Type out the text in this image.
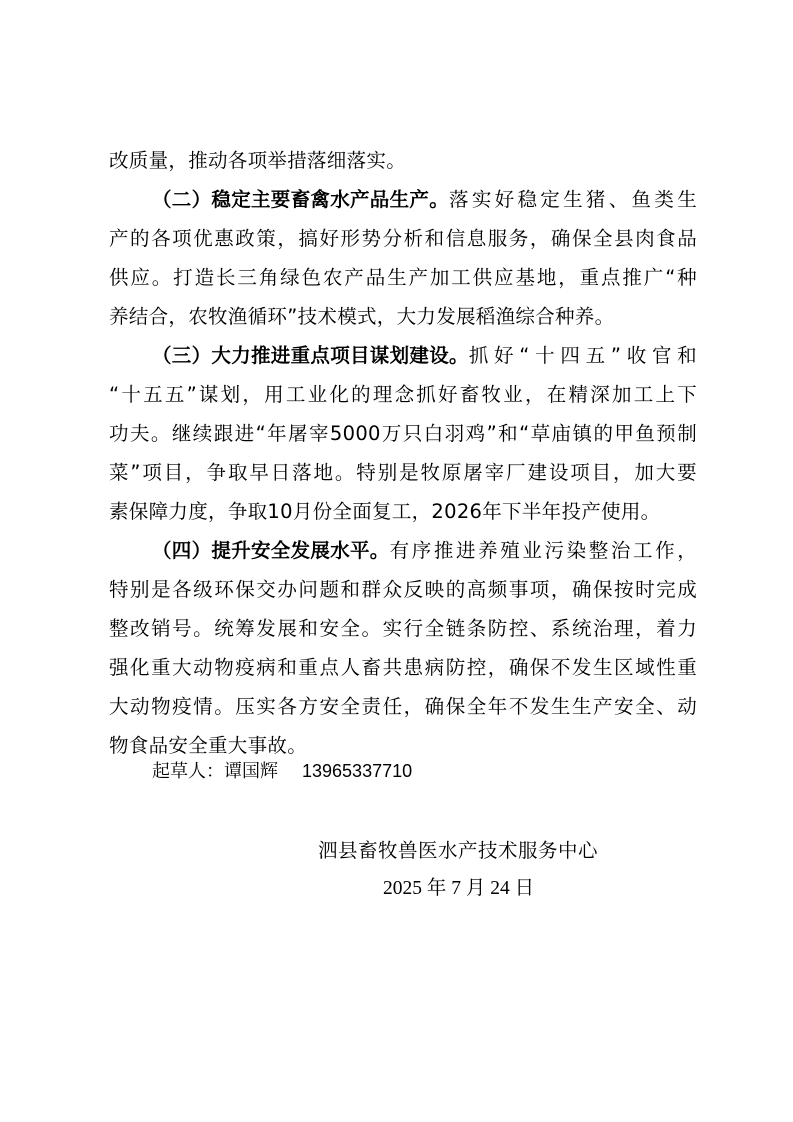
改质量，推动各项举措落细落实。
（二）稳定主要畜禽水产品生产。 落实好稳定生猪、鱼类生
产的各项优惠政策，搞好形势分析和信息服务，确保全县肉食品
供应。打造长三角绿色农产品生产加工供应基地，重点推广“种
养结合，农牧渔循环”技术模式，大力发展稻渔综合种养。
（三）大力推进重点项目谋划建设。 抓好“十四五”收官和
“十五五”谋划，用工业化的理念抓好畜牧业，在精深加工上下
功夫。继续跟进“年屠宰5000万只白羽鸡”和“草庙镇的甲鱼预制
菜”项目，争取早日落地。特别是牧原屠宰厂建设项目，加大要
素保障力度，争取10月份全面复工，2026年下半年投产使用。
（四）提升安全发展水平。 有序推进养殖业污染整治工作，
特别是各级环保交办问题和群众反映的高频事项，确保按时完成
整改销号。统筹发展和安全。实行全链条防控、系统治理，着力
强化重大动物疫病和重点人畜共患病防控，确保不发生区域性重
大动物疫情。压实各方安全责任，确保全年不发生生产安全、动
物食品安全重大事故。
起草人：谭国辉 13965337710
泗县畜牧兽医水产技术服务中心
2025 年 7 月 24 日
